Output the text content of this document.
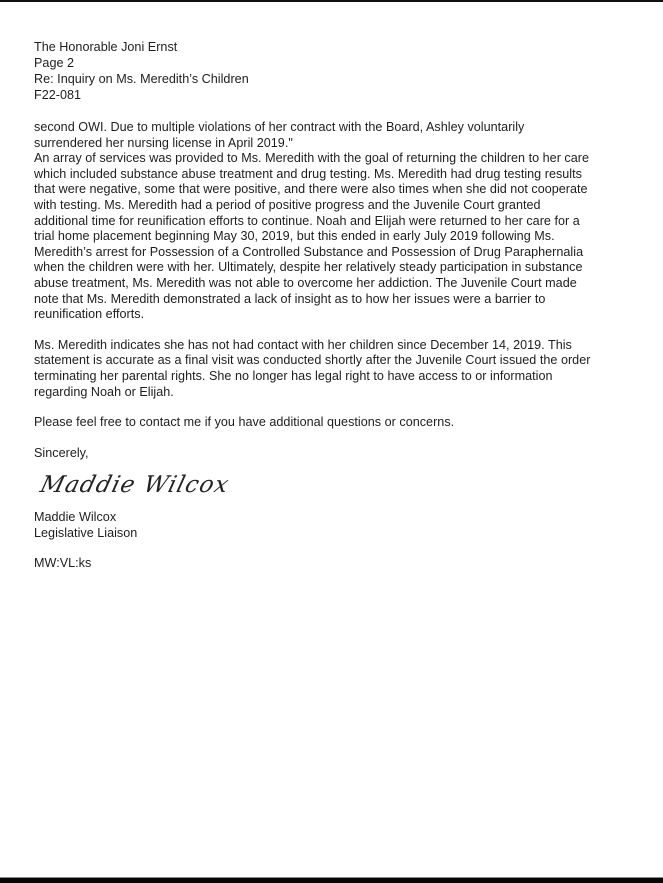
The Honorable Joni Ernst
Page 2
Re: Inquiry on Ms. Meredith’s Children
F22-081
second OWI. Due to multiple violations of her contract with the Board, Ashley voluntarily
surrendered her nursing license in April 2019."
An array of services was provided to Ms. Meredith with the goal of returning the children to her care
which included substance abuse treatment and drug testing. Ms. Meredith had drug testing results
that were negative, some that were positive, and there were also times when she did not cooperate
with testing. Ms. Meredith had a period of positive progress and the Juvenile Court granted
additional time for reunification efforts to continue. Noah and Elijah were returned to her care for a
trial home placement beginning May 30, 2019, but this ended in early July 2019 following Ms.
Meredith’s arrest for Possession of a Controlled Substance and Possession of Drug Paraphernalia
when the children were with her. Ultimately, despite her relatively steady participation in substance
abuse treatment, Ms. Meredith was not able to overcome her addiction. The Juvenile Court made
note that Ms. Meredith demonstrated a lack of insight as to how her issues were a barrier to
reunification efforts.
Ms. Meredith indicates she has not had contact with her children since December 14, 2019. This
statement is accurate as a final visit was conducted shortly after the Juvenile Court issued the order
terminating her parental rights. She no longer has legal right to have access to or information
regarding Noah or Elijah.
Please feel free to contact me if you have additional questions or concerns.
Sincerely,
Maddie Wilcox
Maddie Wilcox
Legislative Liaison
MW:VL:ks
